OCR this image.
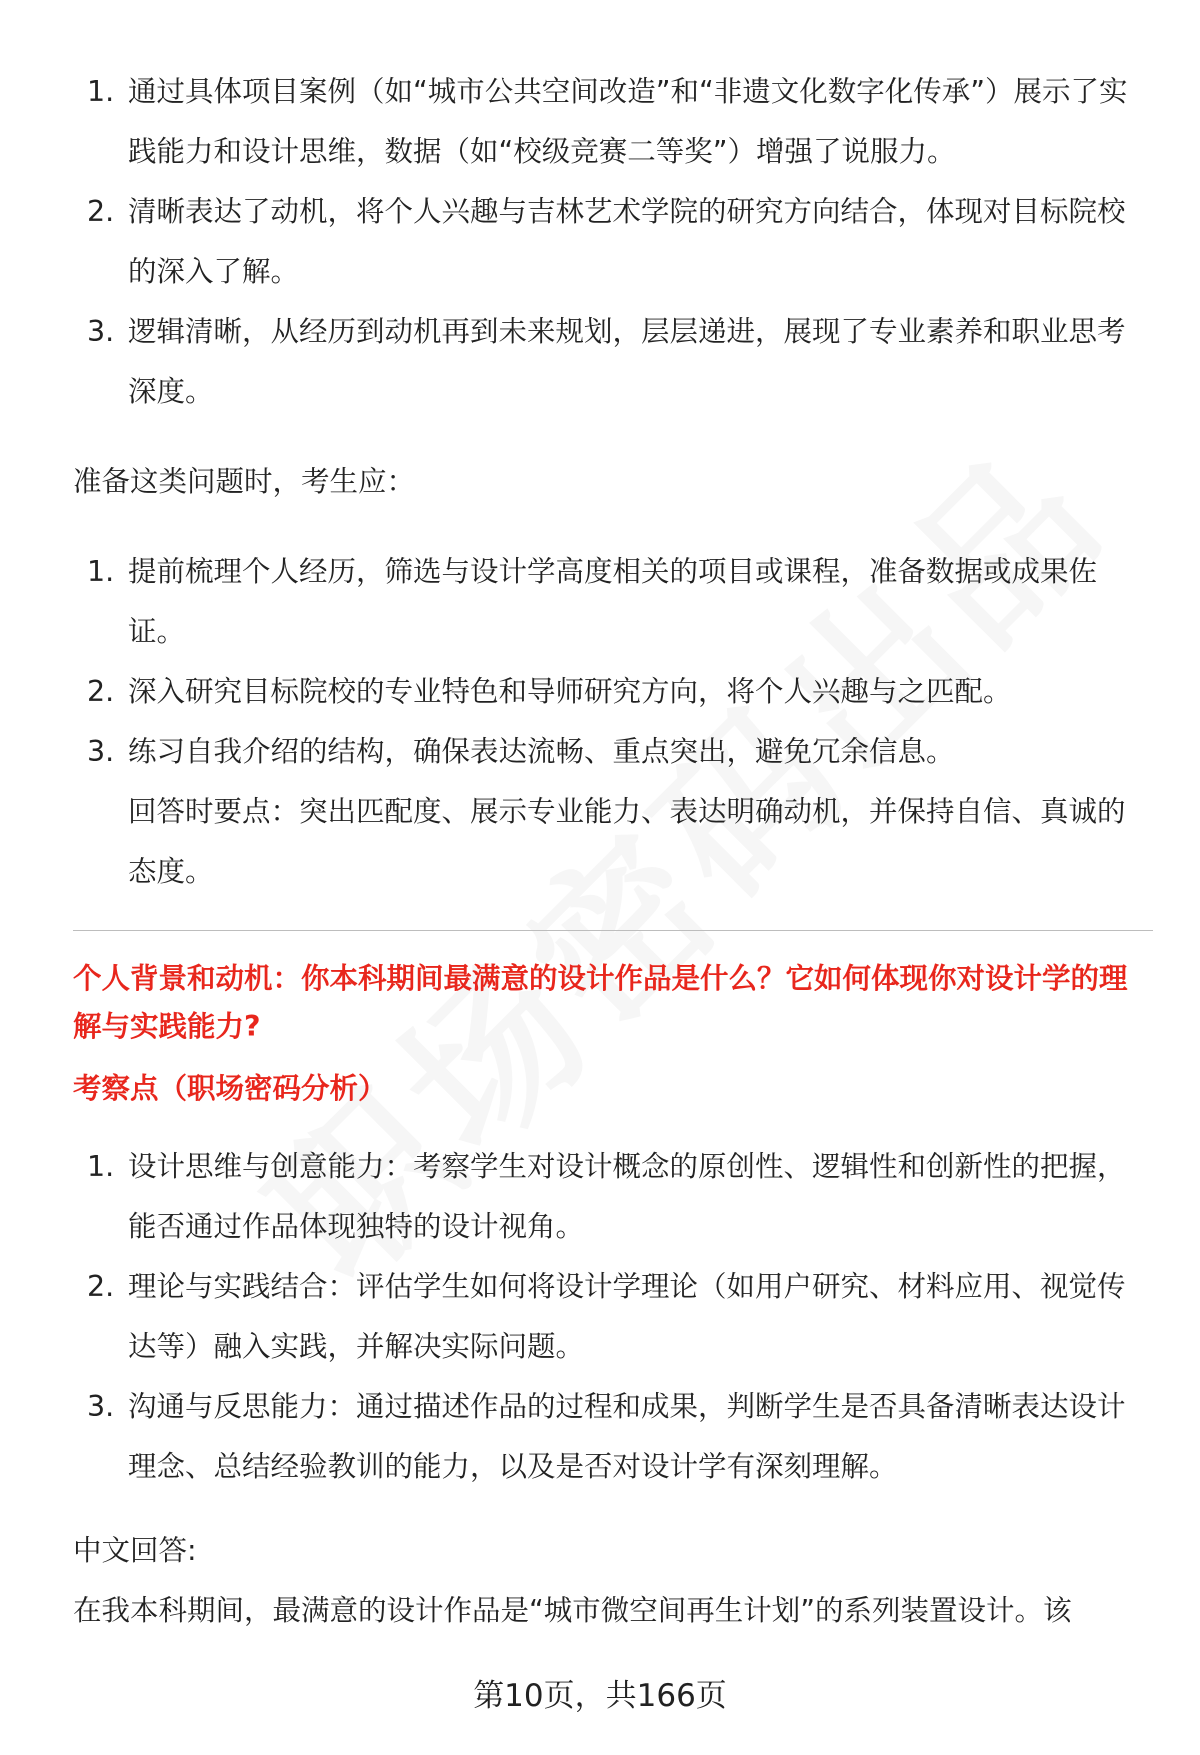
1. 通过具体项目案例（如“城市公共空间改造”和“非遗文化数字化传承”）展示了实践能力和设计思维，数据（如“校级竞赛二等奖”）增强了说服力。
2. 清晰表达了动机，将个人兴趣与吉林艺术学院的研究方向结合，体现对目标院校的深入了解。
3. 逻辑清晰，从经历到动机再到未来规划，层层递进，展现了专业素养和职业思考深度。

准备这类问题时，考生应：

1. 提前梳理个人经历，筛选与设计学高度相关的项目或课程，准备数据或成果佐证。
2. 深入研究目标院校的专业特色和导师研究方向，将个人兴趣与之匹配。
3. 练习自我介绍的结构，确保表达流畅、重点突出，避免冗余信息。

回答时要点：突出匹配度、展示专业能力、表达明确动机，并保持自信、真诚的态度。

个人背景和动机：你本科期间最满意的设计作品是什么？它如何体现你对设计学的理解与实践能力?

考察点（职场密码分析）

1. 设计思维与创意能力：考察学生对设计概念的原创性、逻辑性和创新性的把握，能否通过作品体现独特的设计视角。
2. 理论与实践结合：评估学生如何将设计学理论（如用户研究、材料应用、视觉传达等）融入实践，并解决实际问题。
3. 沟通与反思能力：通过描述作品的过程和成果，判断学生是否具备清晰表达设计理念、总结经验教训的能力，以及是否对设计学有深刻理解。

中文回答:

在我本科期间，最满意的设计作品是“城市微空间再生计划”的系列装置设计。该

第10页，共166页
